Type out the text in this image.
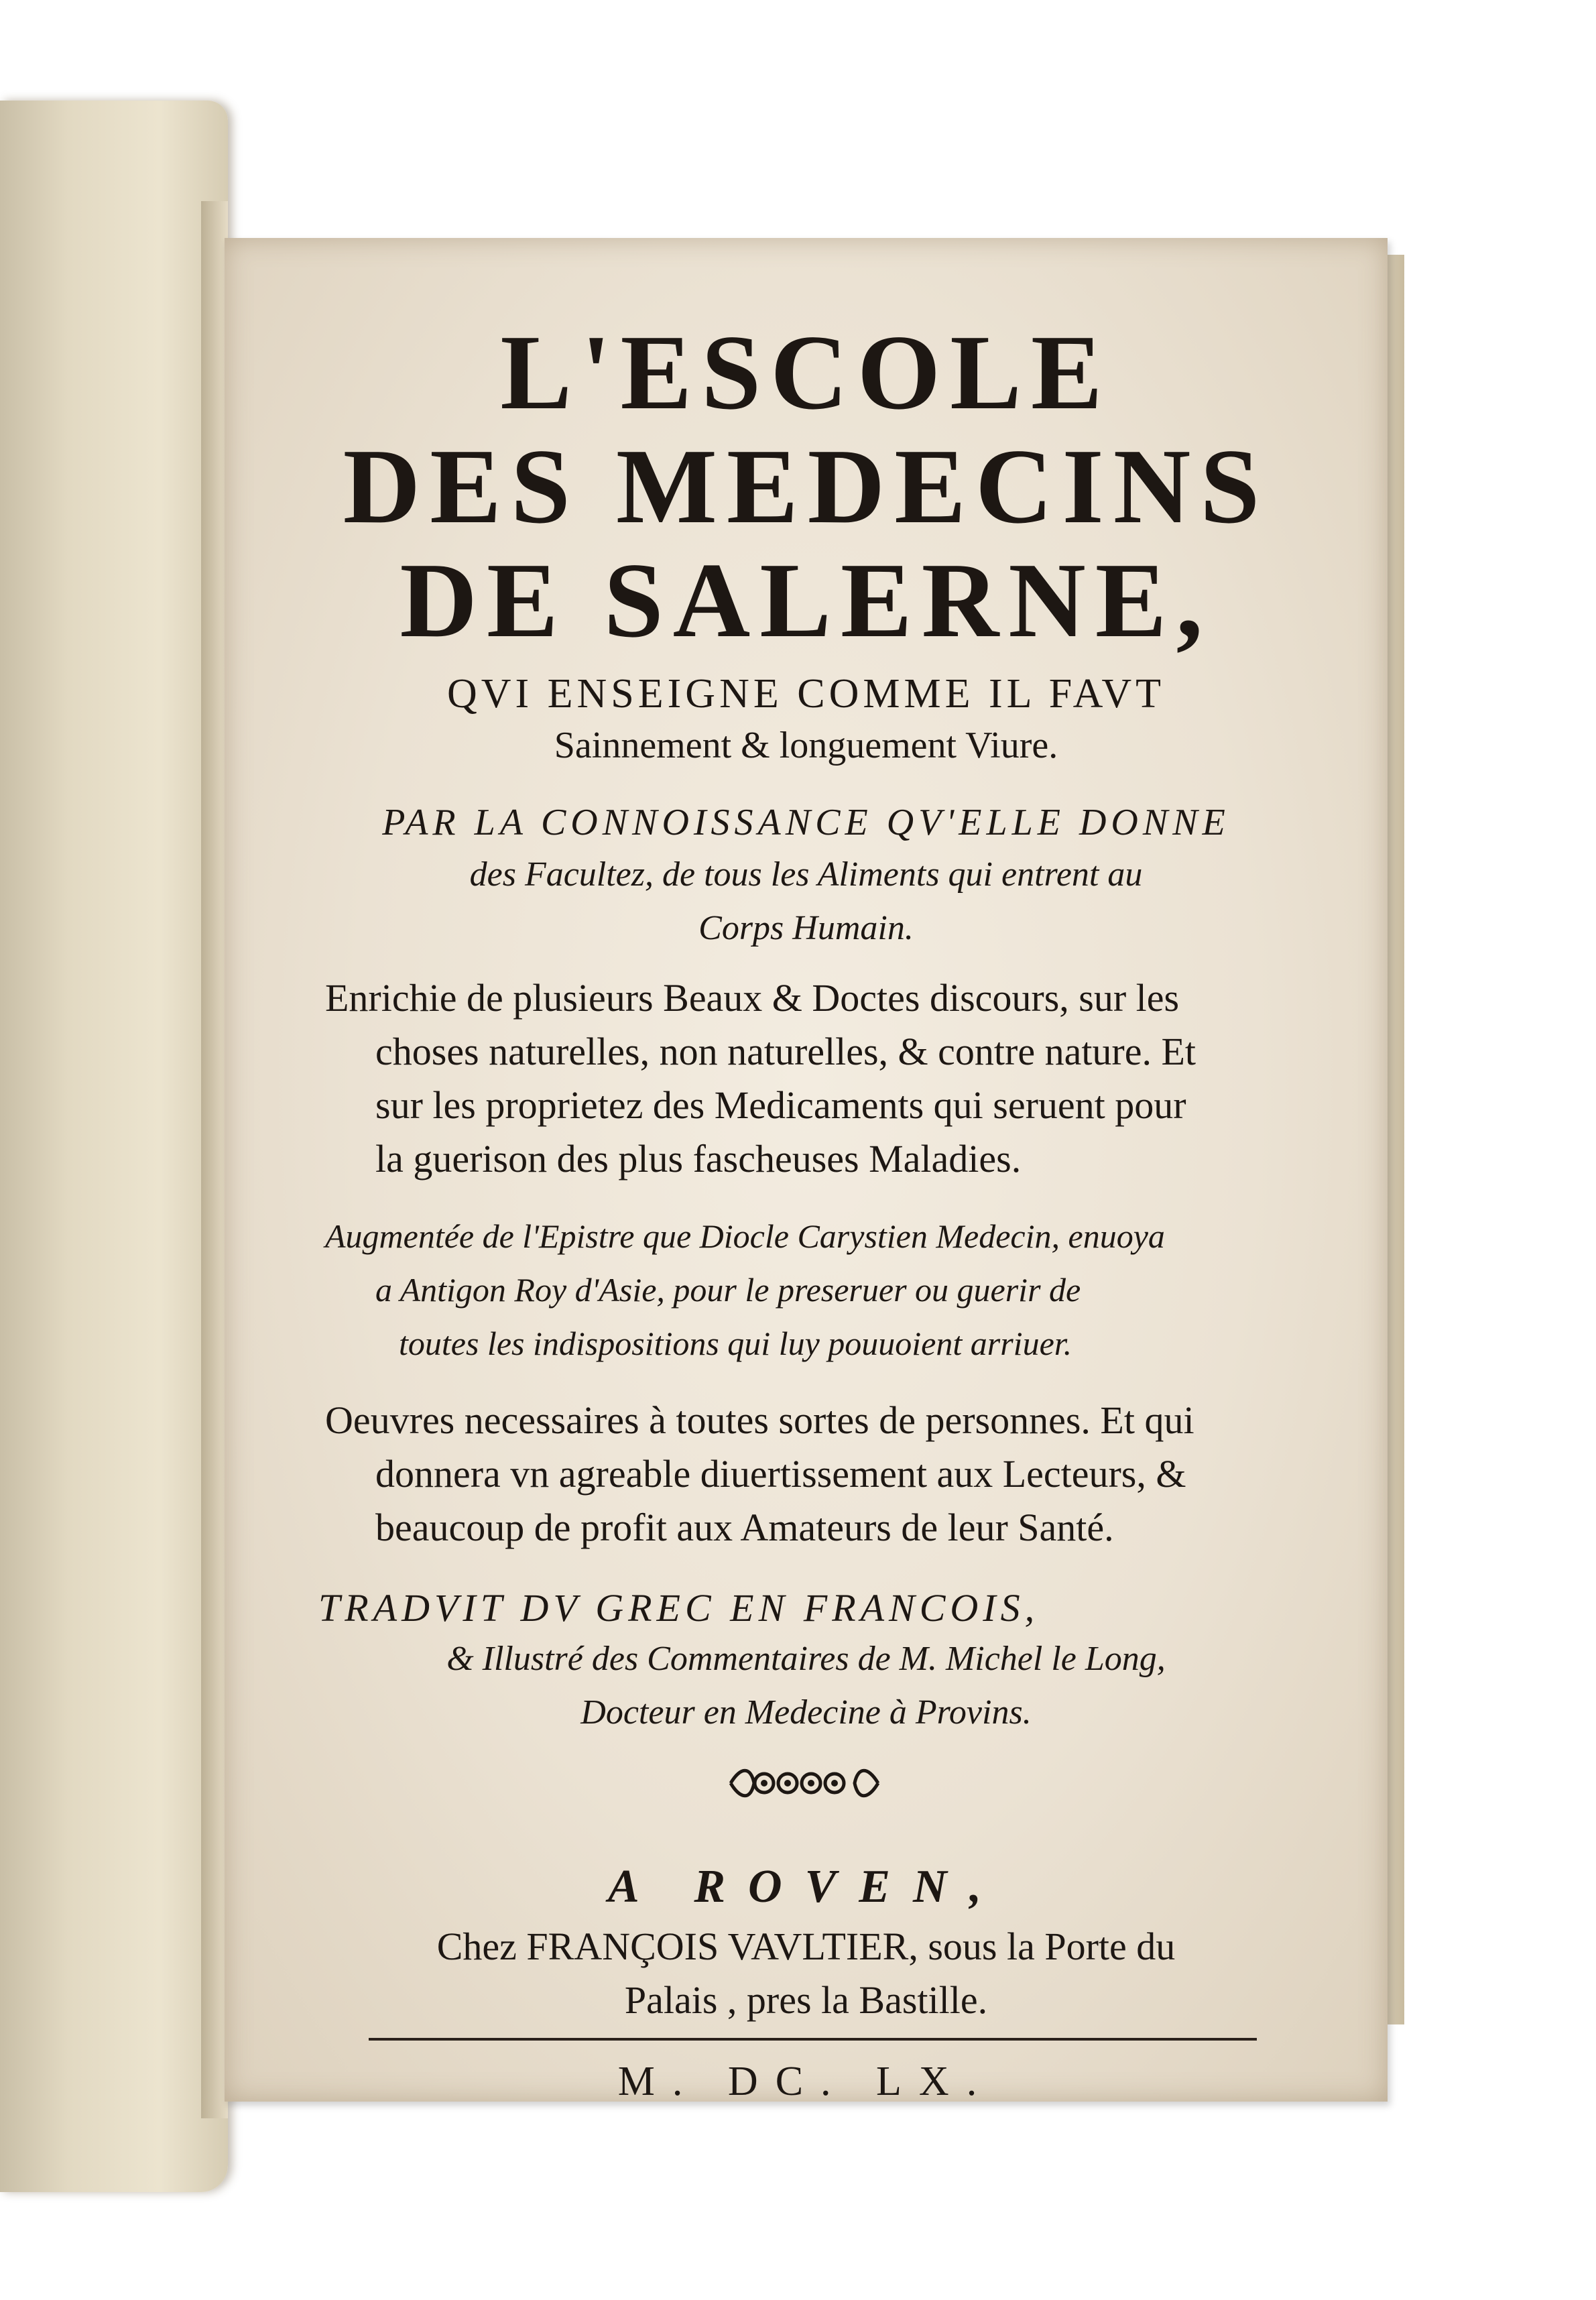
L'ESCOLE
DES MEDECINS
DE SALERNE,
QVI ENSEIGNE COMME IL FAVT
Sainnement & longuement Viure.
PAR LA CONNOISSANCE QV'ELLE DONNE
des Facultez, de tous les Aliments qui entrent au
Corps Humain.
Enrichie de plusieurs Beaux & Doctes discours, sur les
choses naturelles, non naturelles, & contre nature. Et
sur les proprietez des Medicaments qui seruent pour
la guerison des plus fascheuses Maladies.
Augmentée de l'Epistre que Diocle Carystien Medecin, enuoya
a Antigon Roy d'Asie, pour le preseruer ou guerir de
toutes les indispositions qui luy pouuoient arriuer.
Oeuvres necessaires à toutes sortes de personnes. Et qui
donnera vn agreable diuertissement aux Lecteurs, &
beaucoup de profit aux Amateurs de leur Santé.
TRADVIT DV GREC EN FRANCOIS,
& Illustré des Commentaires de M. Michel le Long,
Docteur en Medecine à Provins.
A ROVEN,
Chez FRANÇOIS VAVLTIER, sous la Porte du
Palais , pres la Bastille.
M. DC. LX.
